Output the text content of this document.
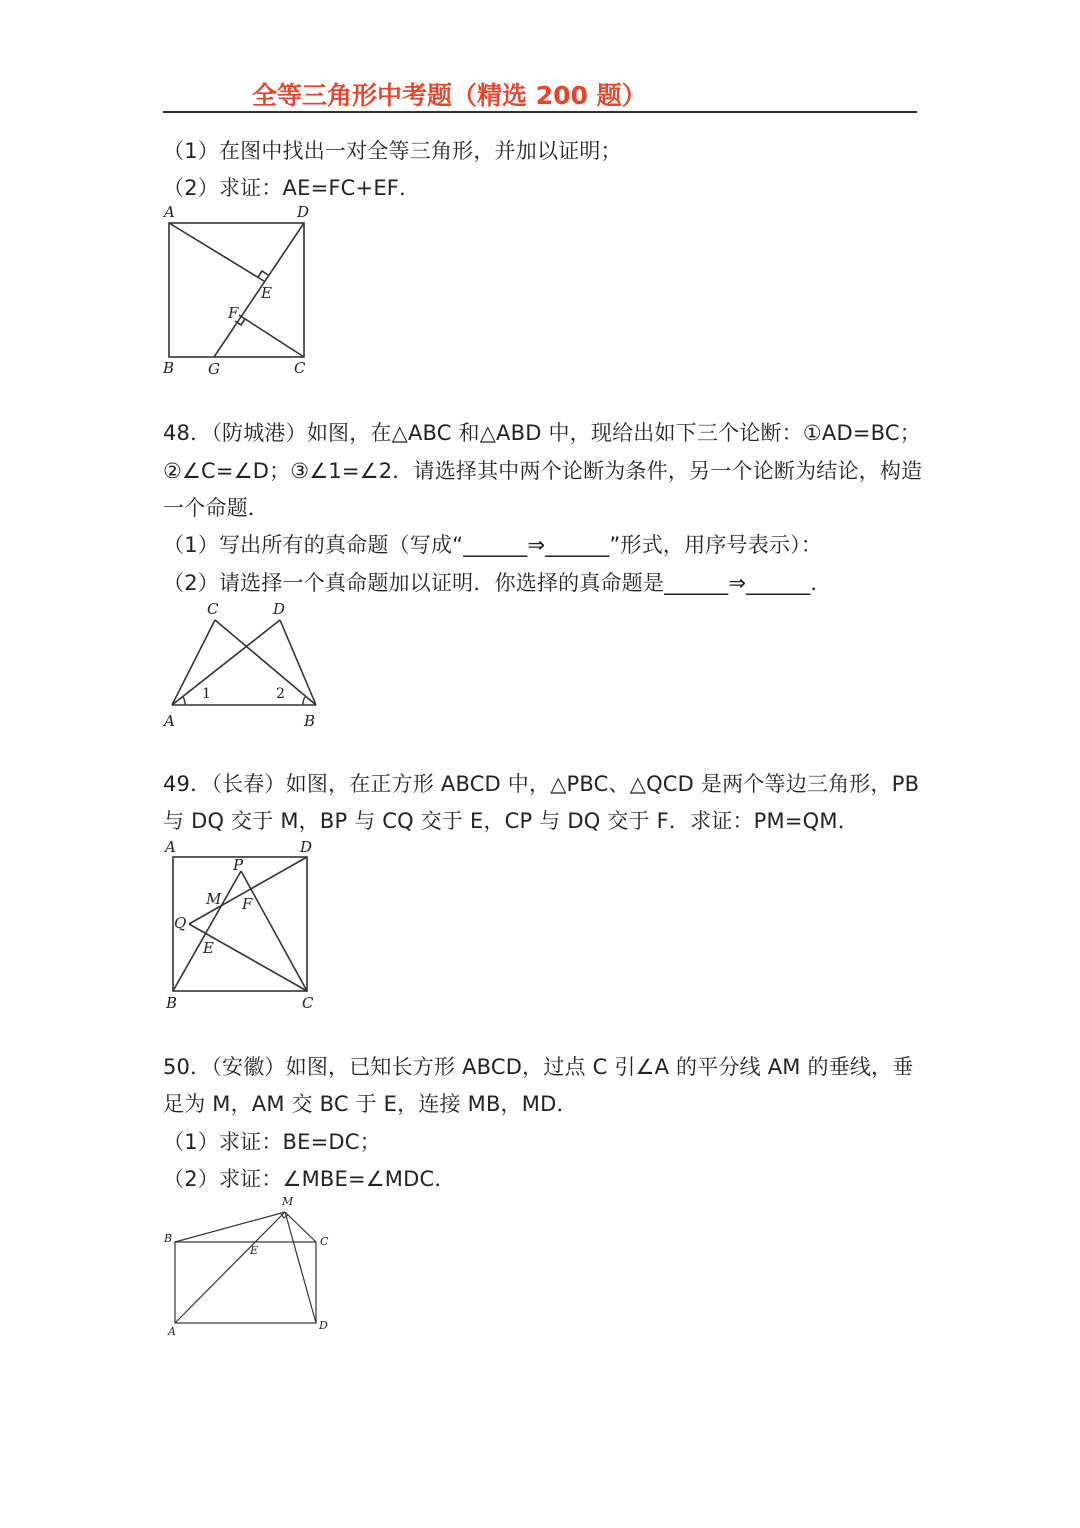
全等三角形中考题（精选 200 题）
（1）在图中找出一对全等三角形，并加以证明；
（2）求证：AE=FC+EF．
A	D
E
F
B G	C
48．（防城港）如图，在△ABC 和△ABD 中，现给出如下三个论断：①AD=BC；
②∠C=∠D；③∠1=∠2．请选择其中两个论断为条件，另一个论断为结论，构造
一个命题．
（1）写出所有的真命题（写成“______⇒______”形式，用序号表示）：
（2）请选择一个真命题加以证明．你选择的真命题是______⇒______．
C	D
1	2
A	B
49．（长春）如图，在正方形 ABCD 中，△PBC、△QCD 是两个等边三角形，PB
与 DQ 交于 M，BP 与 CQ 交于 E，CP 与 DQ 交于 F．求证：PM=QM．
A	D
P
M F
Q
E
B	C
50．（安徽）如图，已知长方形 ABCD，过点 C 引∠A 的平分线 AM 的垂线，垂
足为 M，AM 交 BC 于 E，连接 MB，MD．
（1）求证：BE=DC；
（2）求证：∠MBE=∠MDC．
M
B
E
C
A	D
